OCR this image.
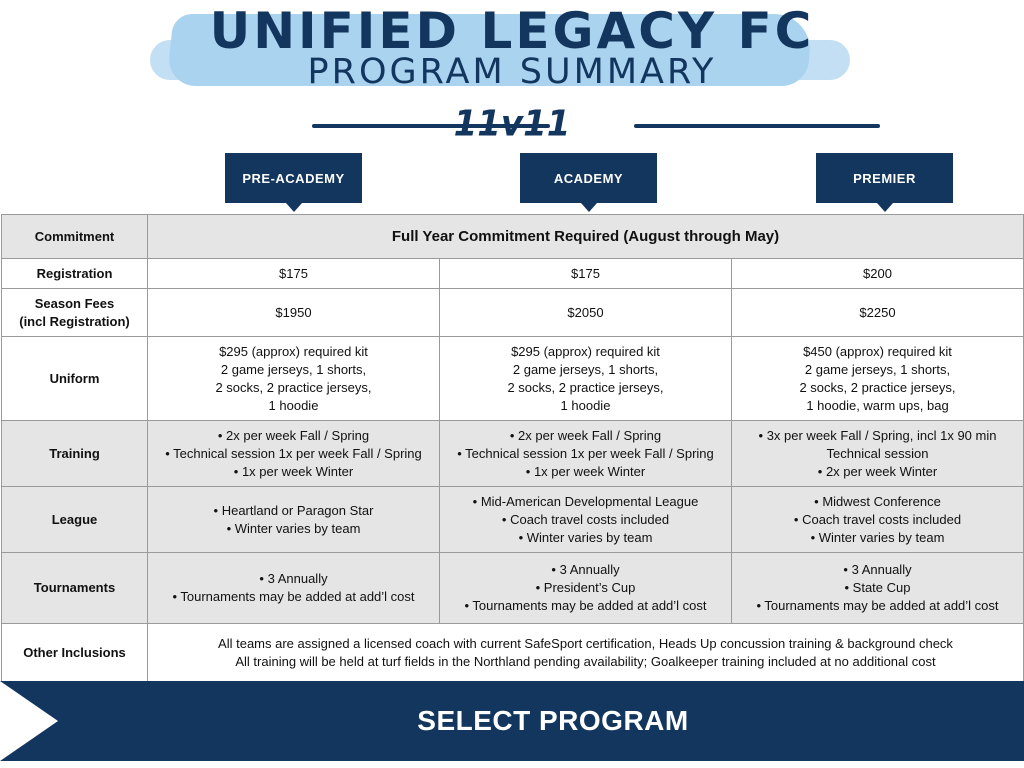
UNIFIED LEGACY FC
PROGRAM SUMMARY
11v11
PRE-ACADEMY	ACADEMY	PREMIER
Commitment	Full Year Commitment Required (August through May)		
Registration	$175	$175	$200

Season Fees
(incl Registration)	$1950	$2050	$2250
Uniform	$295 (approx) required kit
2 game jerseys, 1 shorts,
2 socks, 2 practice jerseys,
1 hoodie	$295 (approx) required kit
2 game jerseys, 1 shorts,
2 socks, 2 practice jerseys,
1 hoodie	$450 (approx) required kit
2 game jerseys, 1 shorts,
2 socks, 2 practice jerseys,
1 hoodie, warm ups, bag

Training	• 2x per week Fall / Spring
• Technical session 1x per week Fall / Spring
• 1x per week Winter	• 2x per week Fall / Spring
• Technical session 1x per week Fall / Spring
• 1x per week Winter	• 3x per week Fall / Spring, incl 1x 90 min
Technical session
• 2x per week Winter

League	• Heartland or Paragon Star
• Winter varies by team	• Mid-American Developmental League
• Coach travel costs included
• Winter varies by team	• Midwest Conference
• Coach travel costs included
• Winter varies by team

Tournaments	• 3 Annually
• Tournaments may be added at add’l cost	• 3 Annually
• President’s Cup
• Tournaments may be added at add’l cost	• 3 Annually
• State Cup
• Tournaments may be added at add’l cost

Other Inclusions	All teams are assigned a licensed coach with current SafeSport certification, Heads Up concussion training & background check
All training will be held at turf fields in the Northland pending availability; Goalkeeper training included at no additional cost		
SELECT PROGRAM
